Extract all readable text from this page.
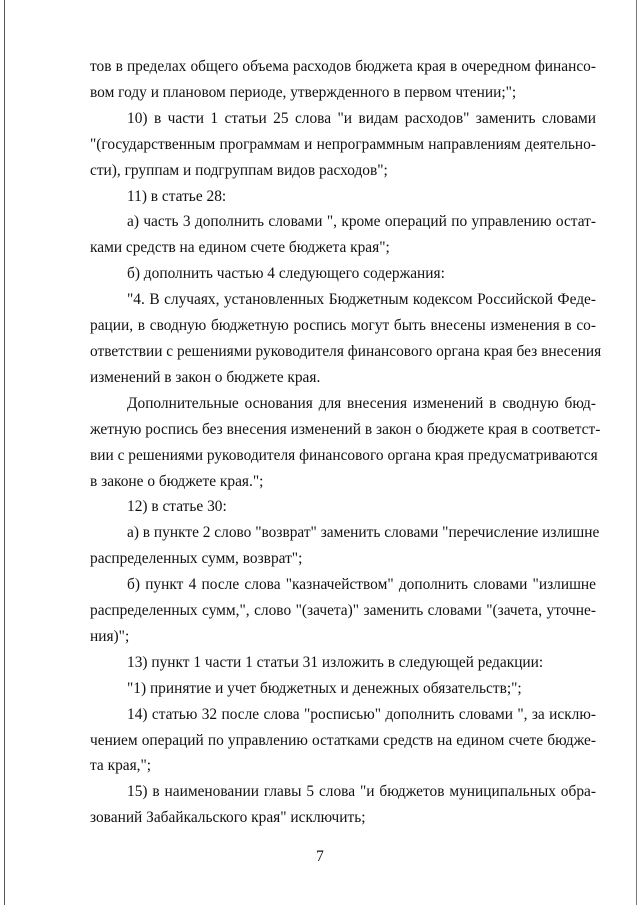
тов в пределах общего объема расходов бюджета края в очередном финансо-
вом году и плановом периоде, утвержденного в первом чтении;";
10) в части 1 статьи 25 слова "и видам расходов" заменить словами
"(государственным программам и непрограммным направлениям деятельно-
сти), группам и подгруппам видов расходов";
11) в статье 28:
а) часть 3 дополнить словами ", кроме операций по управлению остат-
ками средств на едином счете бюджета края";
б) дополнить частью 4 следующего содержания:
"4. В случаях, установленных Бюджетным кодексом Российской Феде-
рации, в сводную бюджетную роспись могут быть внесены изменения в со-
ответствии с решениями руководителя финансового органа края без внесения
изменений в закон о бюджете края.
Дополнительные основания для внесения изменений в сводную бюд-
жетную роспись без внесения изменений в закон о бюджете края в соответст-
вии с решениями руководителя финансового органа края предусматриваются
в законе о бюджете края.";
12) в статье 30:
а) в пункте 2 слово "возврат" заменить словами "перечисление излишне
распределенных сумм, возврат";
б) пункт 4 после слова "казначейством" дополнить словами "излишне
распределенных сумм,", слово "(зачета)" заменить словами "(зачета, уточне-
ния)";
13) пункт 1 части 1 статьи 31 изложить в следующей редакции:
"1) принятие и учет бюджетных и денежных обязательств;";
14) статью 32 после слова "росписью" дополнить словами ", за исклю-
чением операций по управлению остатками средств на едином счете бюдже-
та края,";
15) в наименовании главы 5 слова "и бюджетов муниципальных обра-
зований Забайкальского края" исключить;
7
